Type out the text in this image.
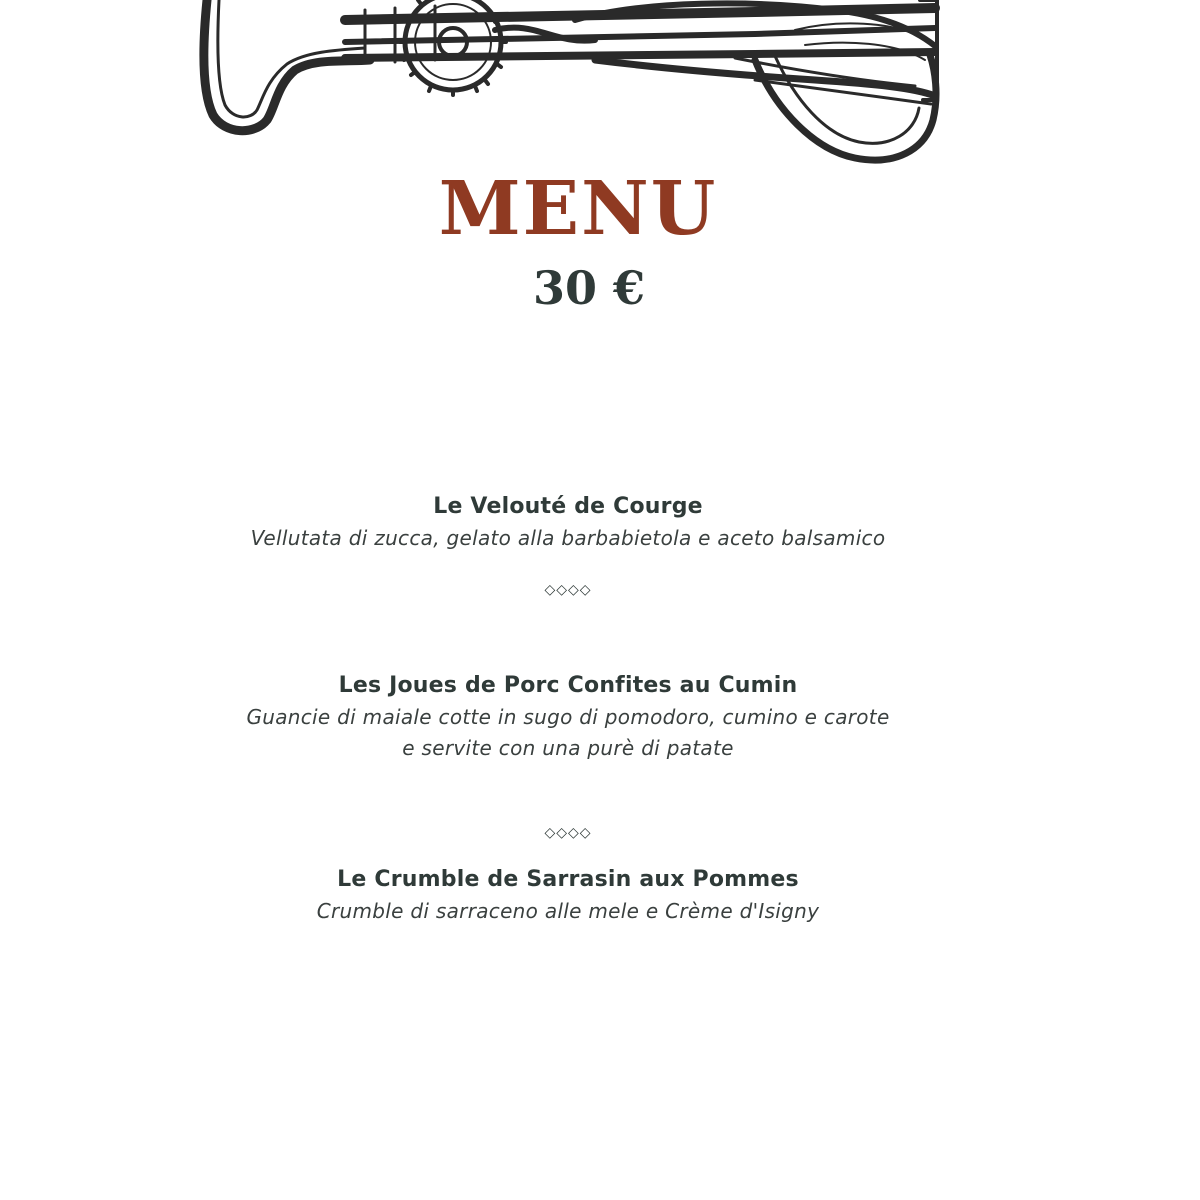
MENU
30 €
Le Velouté de Courge
Vellutata di zucca, gelato alla barbabietola e aceto balsamico
◇◇◇◇
Les Joues de Porc Confites au Cumin
Guancie di maiale cotte in sugo di pomodoro, cumino e carote
e servite con una purè di patate
◇◇◇◇
Le Crumble de Sarrasin aux Pommes
Crumble di sarraceno alle mele e Crème d'Isigny
